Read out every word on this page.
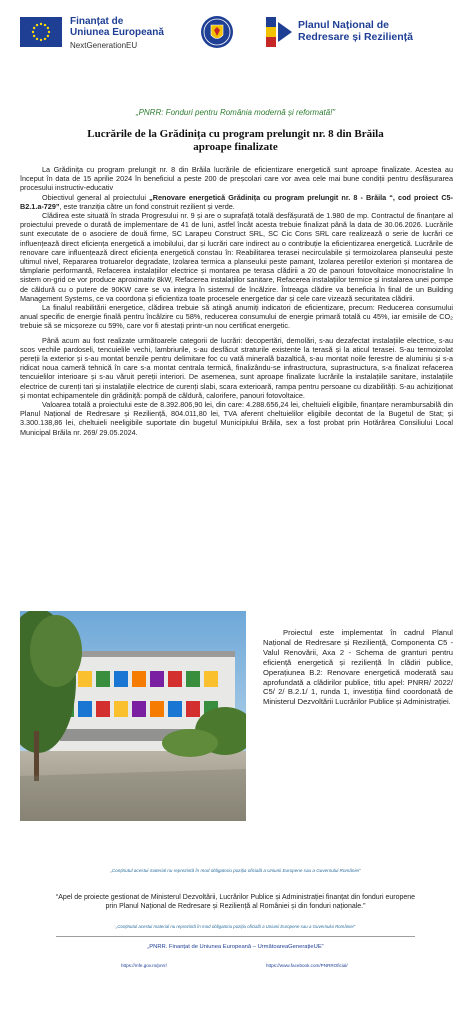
Finanțat de
Uniunea Europeană
NextGenerationEU
Planul Național de
Redresare și Reziliență
„PNRR: Fonduri pentru România modernă și reformată!”
Lucrările de la Grădinița cu program prelungit nr. 8 din Brăila
aproape finalizate

La Grădinița cu program prelungit nr. 8 din Brăila lucrările de eficientizare energetică sunt aproape finalizate. Acestea au început în data de 15 aprilie 2024 în beneficiul a peste 200 de preșcolari care vor avea cele mai bune condiții pentru desfășurarea procesului instructiv-educativ

Obiectivul general al proiectului „Renovare energetică Grădinița cu program prelungit nr. 8 - Brăila “, cod proiect C5-B2.1.a-729”, este tranziția către un fond construit rezilient și verde.

Clădirea este situată în strada Progresului nr. 9 și are o suprafață totală desfășurată de 1.980 de mp. Contractul de finanțare al proiectului prevede o durată de implementare de 41 de luni, astfel încât acesta trebuie finalizat până la data de 30.06.2026. Lucrările sunt executate de o asociere de două firme, SC Larapeu Construct SRL, SC Cic Cons SRL care realizează o serie de lucrări ce influențează direct eficiența energetică a imobilului, dar și lucrări care indirect au o contribuție la eficientizarea energetică. Lucrările de renovare care influențează direct eficiența energetică constau în: Reabilitarea terasei necirculabile și termoizolarea planseului peste ultimul nivel, Repararea trotuarelor degradate, Izolarea termica a planseului peste pamant, Izolarea peretilor exteriori și montarea de tâmplarie performantă, Refacerea instalațiilor electrice și montarea pe terasa clădirii a 20 de panouri fotovoltaice monocristaline în sistem on-grid ce vor produce aproximativ 8kW, Refacerea instalațiilor sanitare, Refacerea instalațiilor termice și instalarea unei pompe de căldură cu o putere de 90KW care se va integra în sistemul de încălzire. Întreaga clădire va beneficia în final de un Building Management Systems, ce va coordona și eficientiza toate procesele energetice dar și cele care vizează securitatea clădirii.

La finalul reabilitării energetice, clădirea trebuie să atingă anumiți indicatori de eficientizare, precum: Reducerea consumului anual specific de energie finală pentru încălzire cu 58%, reducerea consumului de energie primară totală cu 45%, iar emisiile de CO₂ trebuie să se micșoreze cu 59%, care vor fi atestați printr-un nou certificat energetic.

Până acum au fost realizate următoarele categorii de lucrări: decopertări, demolări, s-au dezafectat instalațiile electrice, s-au scos vechile pardoseli, tencuielile vechi, lambriurile, s-au desfăcut straturile existente la terasă și la aticul terasei. S-au termoizolat pereții la exterior și s-au montat benzile pentru delimitare foc cu vată minerală bazaltică, s-au montat noile ferestre de aluminiu și s-a ridicat noua cameră tehnică în care s-a montat centrala termică, finalizându-se infrastructura, suprastructura, s-a finalizat refacerea tencuielilor interioare și s-au văruit pereții interiori. De asemenea, sunt aproape finalizate lucrările la instalațiile sanitare, instalațiile electrice de curenți tari și instalațiile electrice de curenți slabi, scara exterioară, rampa pentru persoane cu dizabilități. S-au achiziționat și montat echipamentele din grădiniță: pompă de căldură, calorifere, panouri fotovoltaice.

Valoarea totală a proiectului este de 8.392.806,90 lei, din care: 4.288.656,24 lei, cheltuieli eligibile, finanțare nerambursabilă din Planul Național de Redresare și Reziliență, 804.011,80 lei, TVA aferent cheltuielilor eligibile decontat de la Bugetul de Stat; și 3.300.138,86 lei, cheltuieli neeligibile suportate din bugetul Municipiului Brăila, sex a fost probat prin Hotărârea Consiliului Local Municipal Brăila nr. 269/ 29.05.2024.

Proiectul este implementat în cadrul Planul Național de Redresare și Reziliență, Componenta C5 - Valul Renovării, Axa 2 - Schema de granturi pentru eficiență energetică și reziliență în clădiri publice, Operațiunea B.2: Renovare energetică moderată sau aprofundată a clădirilor publice, titlu apel: PNRR/ 2022/ C5/ 2/ B.2.1/ 1, runda 1, investiția fiind coordonată de Ministerul Dezvoltării Lucrărilor Publice și Administrației.

„Conținutul acestui material nu reprezintă în mod obligatoriu poziția oficială a Uniunii Europene sau a Guvernului României”
“Apel de proiecte gestionat de Ministerul Dezvoltării, Lucrărilor Publice și Administrației finanțat din fonduri europene prin Planul Național de Redresare și Reziliență al României și din fonduri naționale.”
„Conținutul acestui material nu reprezintă în mod obligatoriu poziția oficială a Uniunii Europene sau a Guvernului României”
„PNRR. Finanțat de Uniunea Europeană – UrmătoareaGenerațieUE”
https://mfe.gov.ro/pnrr/	https://www.facebook.com/PNRROficial/
